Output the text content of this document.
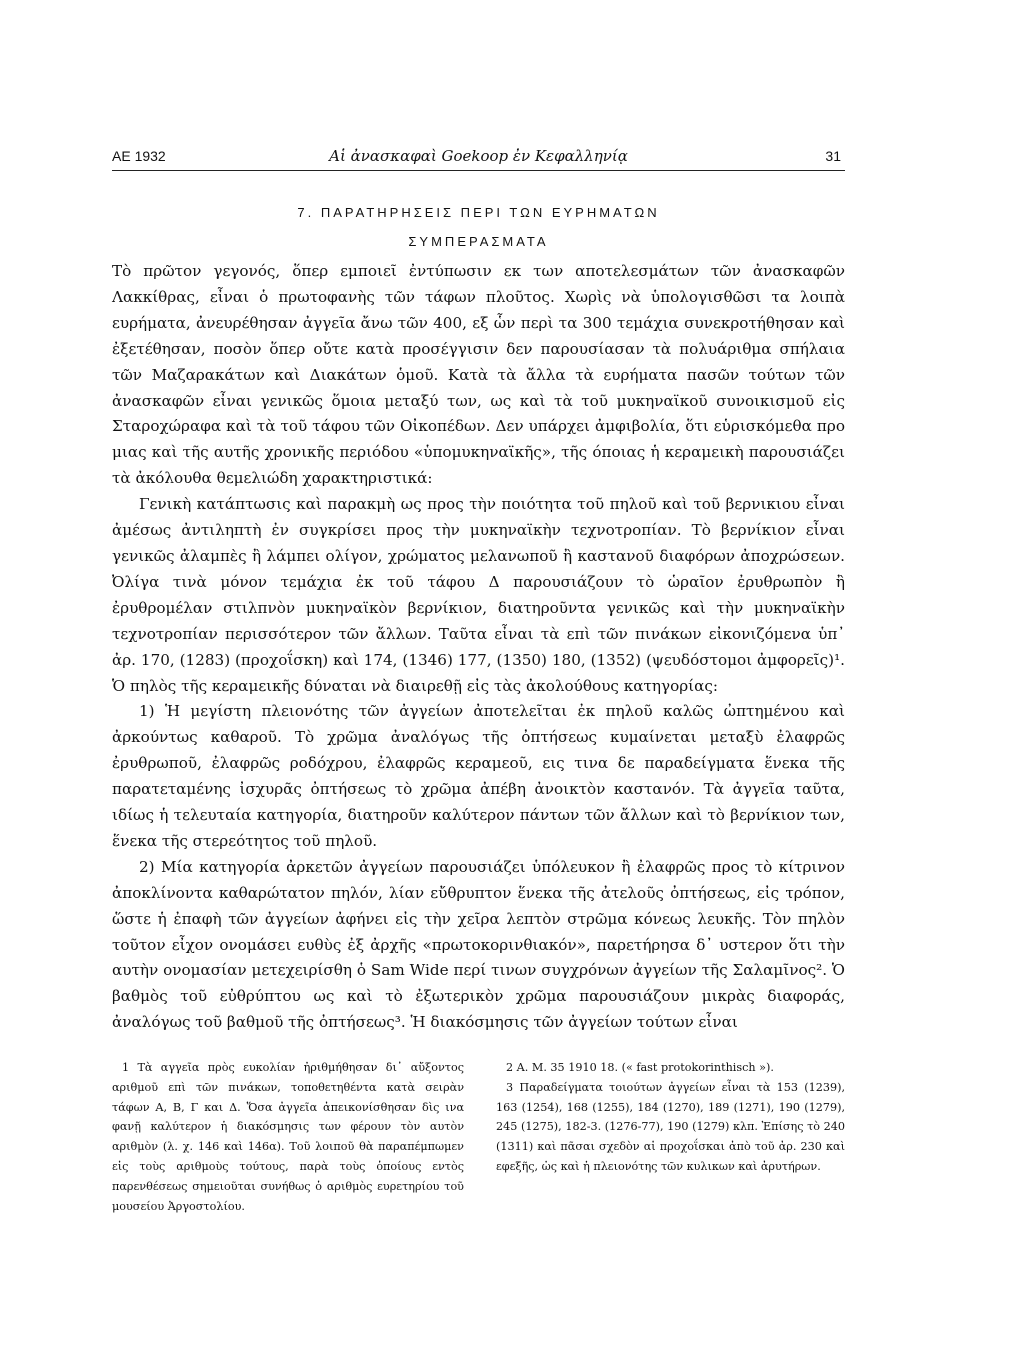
ΑΕ 1932	Αἱ ἀνασκαφαὶ Goekoop ἐν Κεφαλληνίᾳ	31
7. ΠΑΡΑΤΗΡΗΣΕΙΣ ΠΕΡΙ ΤΩΝ ΕΥΡΗΜΑΤΩΝ
ΣΥΜΠΕΡΑΣΜΑΤΑ

Τὸ πρῶτον γεγονός, ὅπερ εμποιεῖ ἐντύπωσιν εκ των αποτελεσμάτων τῶν ἀνασκαφῶν Λακκίθρας, εἶναι ὁ πρωτοφανὴς τῶν τάφων πλοῦτος. Χωρὶς νὰ ὑπολογισθῶσι τα λοιπὰ ευρήματα, ἀνευρέθησαν ἀγγεῖα ἄνω τῶν 400, εξ ὧν περὶ τα 300 τεμάχια συνεκροτήθησαν καὶ ἐξετέθησαν, ποσὸν ὅπερ οὔτε κατὰ προσέγγισιν δεν παρουσίασαν τὰ πολυάριθμα σπήλαια τῶν Μαζαρακάτων καὶ Διακάτων ὁμοῦ. Κατὰ τὰ ἄλλα τὰ ευρήματα πασῶν τούτων τῶν ἀνασκαφῶν εἶναι γενικῶς ὅμοια μεταξύ των, ως καὶ τὰ τοῦ μυκηναϊκοῦ συνοικισμοῦ εἰς Σταροχώραφα καὶ τὰ τοῦ τάφου τῶν Οἰκοπέδων. Δεν υπάρχει ἀμφιβολία, ὅτι εὑρισκόμεθα προ μιας καὶ τῆς αυτῆς χρονικῆς περιόδου «ὑπομυκηναϊκῆς», τῆς όποιας ἡ κεραμεικὴ παρουσιάζει τὰ ἀκόλουθα θεμελιώδη χαρακτηριστικά:

Γενικὴ κατάπτωσις καὶ παρακμὴ ως προς τὴν ποιότητα τοῦ πηλοῦ καὶ τοῦ βερνικιου εἶναι ἀμέσως ἀντιληπτὴ ἐν συγκρίσει προς τὴν μυκηναϊκὴν τεχνοτροπίαν. Τὸ βερνίκιον εἶναι γενικῶς ἀλαμπὲς ἢ λάμπει ολίγον, χρώματος μελανωποῦ ἢ καστανοῦ διαφόρων ἀποχρώσεων. Ὀλίγα τινὰ μόνον τεμάχια ἐκ τοῦ τάφου Δ παρουσιάζουν τὸ ὡραῖον ἐρυθρωπὸν ἢ ἐρυθρομέλαν στιλπνὸν μυκηναϊκὸν βερνίκιον, διατηροῦντα γενικῶς καὶ τὴν μυκηναϊκὴν τεχνοτροπίαν περισσότερον τῶν ἄλλων. Ταῦτα εἶναι τὰ επὶ τῶν πινάκων εἰκονιζόμενα ὑπ᾽ ἀρ. 170, (1283) (προχοΐσκη) καὶ 174, (1346) 177, (1350) 180, (1352) (ψευδόστομοι ἀμφορεῖς)¹. Ὁ πηλὸς τῆς κεραμεικῆς δύναται νὰ διαιρεθῇ εἰς τὰς ἀκολούθους κατηγορίας:

1) Ἡ μεγίστη πλειονότης τῶν ἀγγείων ἀποτελεῖται ἐκ πηλοῦ καλῶς ὠπτημένου καὶ ἀρκούντως καθαροῦ. Τὸ χρῶμα ἀναλόγως τῆς ὀπτήσεως κυμαίνεται μεταξὺ ἐλαφρῶς ἐρυθρωποῦ, ἐλαφρῶς ροδόχρου, ἐλαφρῶς κεραμεοῦ, εις τινα δε παραδείγματα ἕνεκα τῆς παρατεταμένης ἰσχυρᾶς ὀπτήσεως τὸ χρῶμα ἀπέβη ἀνοικτὸν καστανόν. Τὰ ἀγγεῖα ταῦτα, ιδίως ἡ τελευταία κατηγορία, διατηροῦν καλύτερον πάντων τῶν ἄλλων καὶ τὸ βερνίκιον των, ἕνεκα τῆς στερεότητος τοῦ πηλοῦ.

2) Μία κατηγορία ἀρκετῶν ἀγγείων παρουσιάζει ὑπόλευκον ἢ ἐλαφρῶς προς τὸ κίτρινον ἀποκλίνοντα καθαρώτατον πηλόν, λίαν εὔθρυπτον ἕνεκα τῆς ἀτελοῦς ὀπτήσεως, εἰς τρόπον, ὥστε ἡ ἐπαφὴ τῶν ἀγγείων ἀφήνει εἰς τὴν χεῖρα λεπτὸν στρῶμα κόνεως λευκῆς. Τὸν πηλὸν τοῦτον εἶχον ονομάσει ευθὺς ἐξ ἀρχῆς «πρωτοκορινθιακόν», παρετήρησα δ᾽ υστερον ὅτι τὴν αυτὴν ονομασίαν μετεχειρίσθη ὁ Sam Wide περί τινων συγχρόνων ἀγγείων τῆς Σαλαμῖνος². Ὁ βαθμὸς τοῦ εὐθρύπτου ως καὶ τὸ ἐξωτερικὸν χρῶμα παρουσιάζουν μικρὰς διαφοράς, ἀναλόγως τοῦ βαθμοῦ τῆς ὀπτήσεως³. Ἡ διακόσμησις τῶν ἀγγείων τούτων εἶναι

1 Τὰ αγγεῖα πρὸς ευκολίαν ἠριθμήθησαν δι᾽ αὔξοντος αριθμοῦ επὶ τῶν πινάκων, τοποθετηθέντα κατὰ σειρὰν τάφων Α, Β, Γ και Δ. Ὅσα ἀγγεῖα ἀπεικονίσθησαν δὶς ινα φανῇ καλύτερον ἡ διακόσμησις των φέρουν τὸν αυτὸν αριθμὸν (λ. χ. 146 καὶ 146α). Τοῦ λοιποῦ θὰ παραπέμπωμεν εἰς τοὺς αριθμοὺς τούτους, παρὰ τοὺς ὁποίους εντὸς παρενθέσεως σημειοῦται συνήθως ὁ αριθμὸς ευρετηρίου τοῦ μουσείου Ἀργοστολίου.

2 A. M. 35 1910 18. (« fast protokorinthisch »).

3 Παραδείγματα τοιούτων ἀγγείων εἶναι τὰ 153 (1239), 163 (1254), 168 (1255), 184 (1270), 189 (1271), 190 (1279), 245 (1275), 182-3. (1276-77), 190 (1279) κλπ. Ἐπίσης τὸ 240 (1311) καὶ πᾶσαι σχεδὸν αἱ προχοΐσκαι ἀπὸ τοῦ ἀρ. 230 καὶ εφεξῆς, ὡς καὶ ἡ πλειονότης τῶν κυλικων καὶ ἀρυτήρων.
